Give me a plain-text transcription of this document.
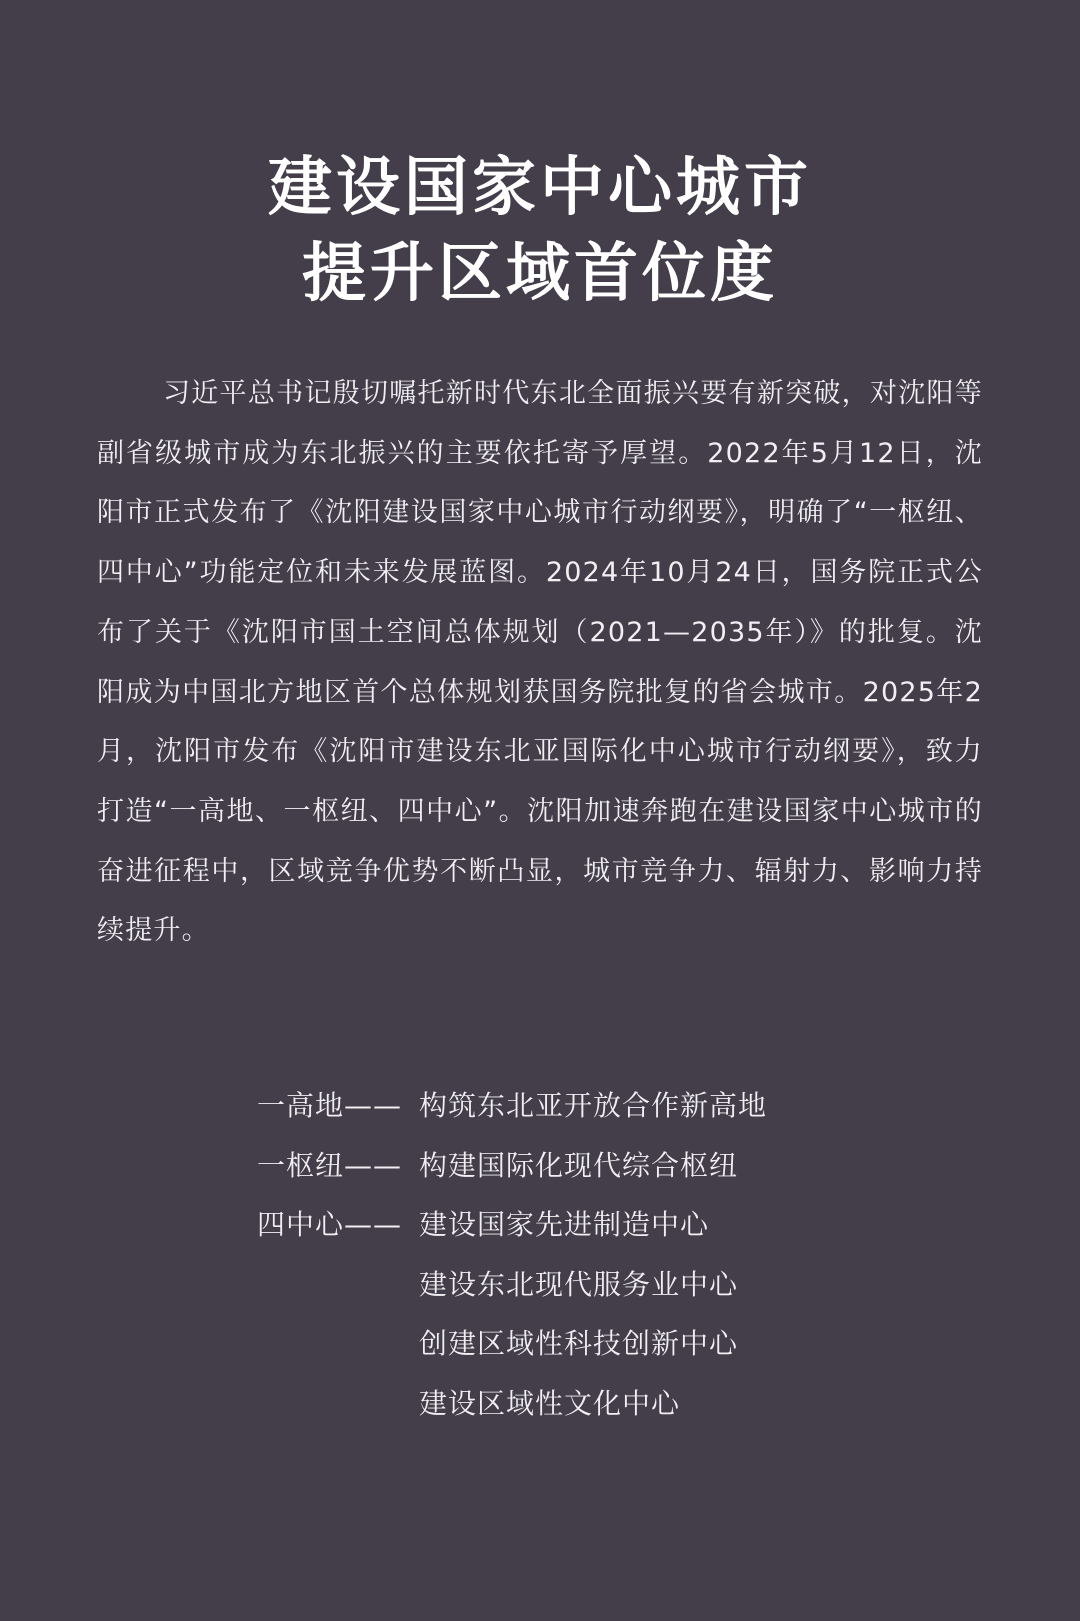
建设国家中心城市
提升区域首位度

习近平总书记殷切嘱托新时代东北全面振兴要有新突破，对沈阳等副省级城市成为东北振兴的主要依托寄予厚望。2022年5月12日，沈阳市正式发布了《沈阳建设国家中心城市行动纲要》，明确了“一枢纽、四中心”功能定位和未来发展蓝图。2024年10月24日，国务院正式公布了关于《沈阳市国土空间总体规划（2021—2035年）》的批复。沈阳成为中国北方地区首个总体规划获国务院批复的省会城市。2025年2月，沈阳市发布《沈阳市建设东北亚国际化中心城市行动纲要》，致力打造“一高地、一枢纽、四中心”。沈阳加速奔跑在建设国家中心城市的奋进征程中，区域竞争优势不断凸显，城市竞争力、辐射力、影响力持续提升。

一高地—— 构筑东北亚开放合作新高地
一枢纽—— 构建国际化现代综合枢纽
四中心—— 建设国家先进制造中心
建设东北现代服务业中心
创建区域性科技创新中心
建设区域性文化中心
